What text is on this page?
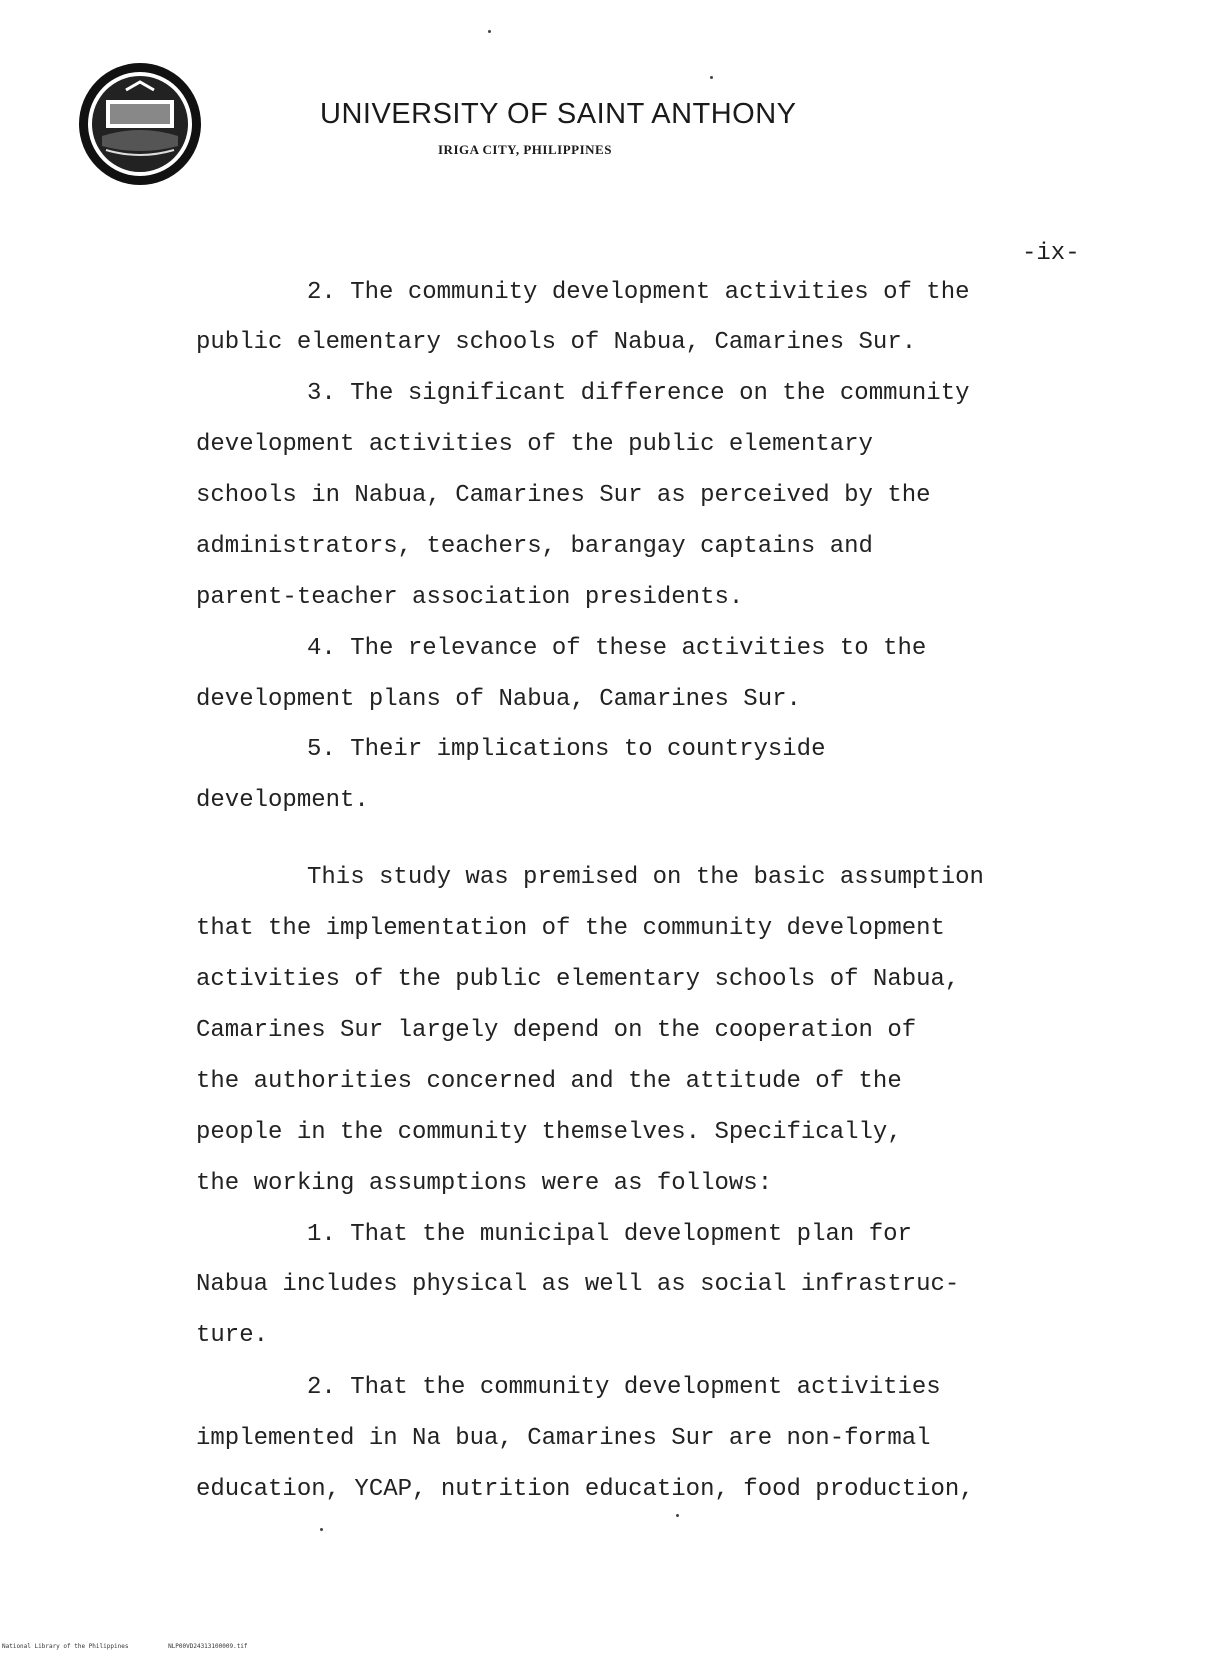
UNIVERSITY OF SAINT ANTHONY
IRIGA CITY, PHILIPPINES
-ix-
2. The community development activities of the
public elementary schools of Nabua, Camarines Sur.
3. The significant difference on the community
development activities of the public elementary
schools in Nabua, Camarines Sur as perceived by the
administrators, teachers, barangay captains and
parent-teacher association presidents.
4. The relevance of these activities to the
development plans of Nabua, Camarines Sur.
5. Their implications to countryside
development.
This study was premised on the basic assumption
that the implementation of the community development
activities of the public elementary schools of Nabua,
Camarines Sur largely depend on the cooperation of
the authorities concerned and the attitude of the
people in the community themselves. Specifically,
the working assumptions were as follows:
1. That the municipal development plan for
Nabua includes physical as well as social infrastruc-
ture.
2. That the community development activities
implemented in Na bua, Camarines Sur are non-formal
education, YCAP, nutrition education, food production,
National Library of the Philippines	NLP00VD24313100009.tif
